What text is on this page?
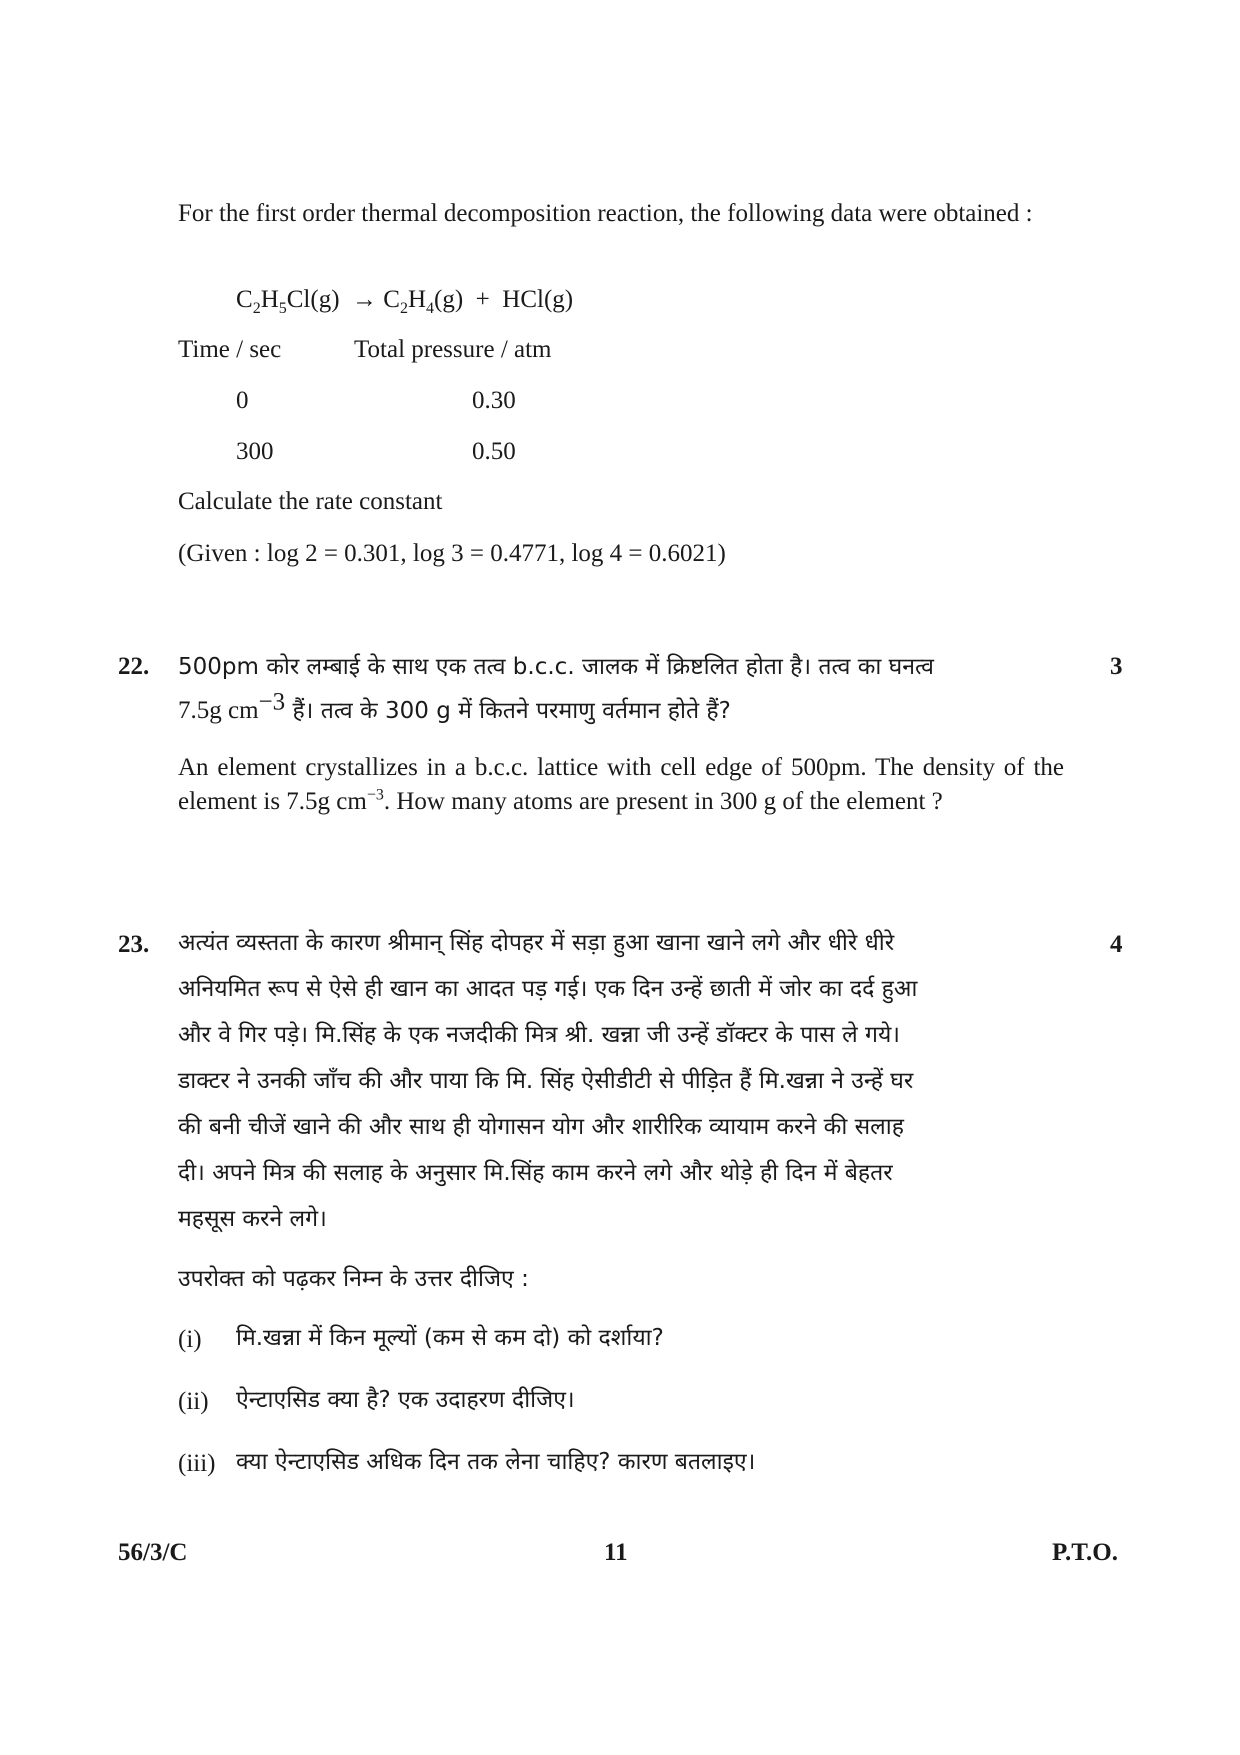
For the first order thermal decomposition reaction, the following data were obtained :
$C_2H_5Cl(g) \to C_2H_4(g) + HCl(g)$
Time / sec	Total pressure / atm
0	0.30
300	0.50
Calculate the rate constant
(Given : log 2 = 0.301, log 3 = 0.4771, log 4 = 0.6021)
22.	3
500pm कोर लम्बाई के साथ एक तत्व b.c.c. जालक में क्रिष्टलित होता है। तत्व का घनत्व
7.5g $cm^{-3}$ हैं। तत्व के 300 g में कितने परमाणु वर्तमान होते हैं?
An element crystallizes in a b.c.c. lattice with cell edge of 500pm. The density of the element is 7.5g $cm^{-3}$. How many atoms are present in 300 g of the element ?
23.	4
अत्यंत व्यस्तता के कारण श्रीमान् सिंह दोपहर में सड़ा हुआ खाना खाने लगे और धीरे धीरे
अनियमित रूप से ऐसे ही खान का आदत पड़ गई। एक दिन उन्हें छाती में जोर का दर्द हुआ
और वे गिर पड़े। मि.सिंह के एक नजदीकी मित्र श्री. खन्ना जी उन्हें डॉक्टर के पास ले गये।
डाक्टर ने उनकी जाँच की और पाया कि मि. सिंह ऐसीडीटी से पीड़ित हैं मि.खन्ना ने उन्हें घर
की बनी चीजें खाने की और साथ ही योगासन योग और शारीरिक व्यायाम करने की सलाह
दी। अपने मित्र की सलाह के अनुसार मि.सिंह काम करने लगे और थोड़े ही दिन में बेहतर
महसूस करने लगे।
उपरोक्त को पढ़कर निम्न के उत्तर दीजिए :
(i) मि.खन्ना में किन मूल्यों (कम से कम दो) को दर्शाया?
(ii) ऐन्टाएसिड क्या है? एक उदाहरण दीजिए।
(iii) क्या ऐन्टाएसिड अधिक दिन तक लेना चाहिए? कारण बतलाइए।
56/3/C	11	P.T.O.
